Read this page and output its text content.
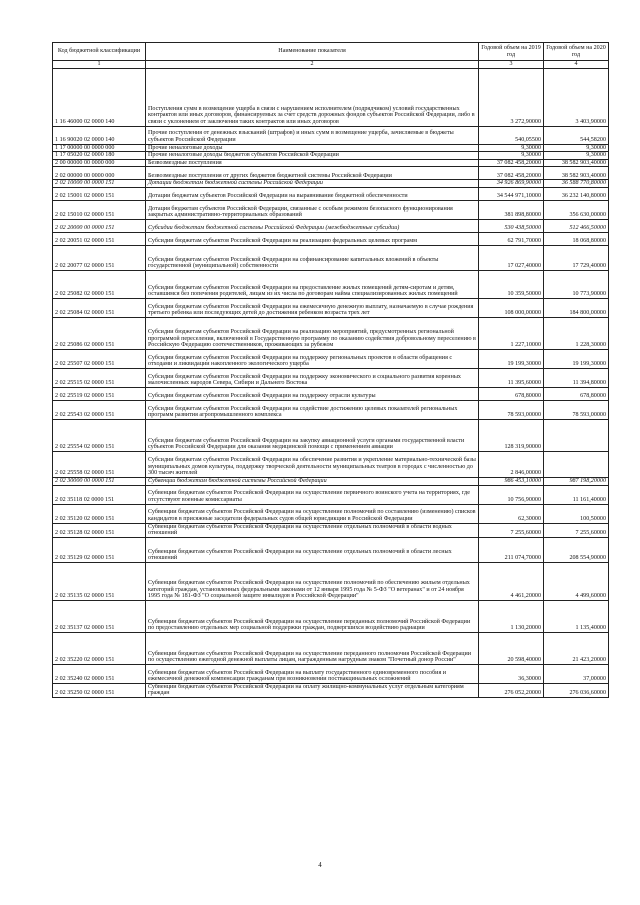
Код бюджетной классификации	Наименование показателя	Годовой объем на 2019 год	Годовой объем на 2020 год
1	2	3	4
1 16 46000 02 0000 140	Поступления сумм в возмещение ущерба в связи с нарушением исполнителем (подрядчиком) условий государственных контрактов или иных договоров, финансируемых за счет средств дорожных фондов субъектов Российской Федерации, либо в связи с уклонением от заключения таких контрактов или иных договоров	3 272,90000	3 403,90000
1 16 90020 02 0000 140	Прочие поступления от денежных взысканий (штрафов) и иных сумм в возмещение ущерба, зачисляемые в бюджеты субъектов Российской Федерации	540,05500	544,58200
1 17 00000 00 0000 000	Прочие неналоговые доходы	9,30000	9,30000
1 17 05020 02 0000 180	Прочие неналоговые доходы бюджетов субъектов Российской Федерации	9,30000	9,30000
2 00 00000 00 0000 000	Безвозмездные поступления	37 082 458,20000	38 582 903,40000
2 02 00000 00 0000 000	Безвозмездные поступления от других бюджетов бюджетной системы Российской Федерации	37 082 458,20000	38 582 903,40000
2 02 10000 00 0000 151	Дотации бюджетам бюджетной системы Российской Федерации	34 926 869,90000	36 588 770,80000
2 02 15001 02 0000 151	Дотации бюджетам субъектов Российской Федерации на выравнивание бюджетной обеспеченности	34 544 971,10000	36 232 140,80000
2 02 15010 02 0000 151	Дотация бюджетам субъектов Российской Федерации, связанные с особым режимом безопасного функционирования закрытых административно-территориальных образований	381 898,80000	356 630,00000
2 02 20000 00 0000 151	Субсидии бюджетам бюджетной системы Российской Федерации (межбюджетные субсидии)	530 438,50000	512 466,50000
2 02 20051 02 0000 151	Субсидии бюджетам субъектов Российской Федерации на реализацию федеральных целевых программ	62 791,70000	18 068,80000
2 02 20077 02 0000 151	Субсидии бюджетам субъектов Российской Федерации на софинансирование капитальных вложений в объекты государственной (муниципальной) собственности	17 027,40000	17 729,40000
2 02 25082 02 0000 151	Субсидии бюджетам субъектов Российской Федерации на предоставление жилых помещений детям-сиротам и детям, оставшимся без попечения родителей, лицам из их числа по договорам найма специализированных жилых помещений	10 359,50000	10 773,90000
2 02 25084 02 0000 151	Субсидии бюджетам субъектов Российской Федерации на ежемесячную денежную выплату, назначаемую в случае рождения третьего ребенка или последующих детей до достижения ребенком возраста трех лет	108 000,00000	184 800,00000
2 02 25086 02 0000 151	Субсидии бюджетам субъектов Российской Федерации на реализацию мероприятий, предусмотренных региональной программой переселения, включенной в Государственную программу по оказанию содействия добровольному переселению в Российскую Федерацию соотечественников, проживающих за рубежом	1 227,10000	1 228,30000
2 02 25507 02 0000 151	Субсидии бюджетам субъектов Российской Федерации на поддержку региональных проектов в области обращения с отходами и ликвидации накопленного экологического ущерба	19 199,30000	19 199,30000
2 02 25515 02 0000 151	Субсидии бюджетам субъектов Российской Федерации на поддержку экономического и социального развития коренных малочисленных народов Севера, Сибири и Дальнего Востока	11 395,60000	11 394,80000
2 02 25519 02 0000 151	Субсидии бюджетам субъектов Российской Федерации на поддержку отрасли культуры	678,80000	678,80000
2 02 25543 02 0000 151	Субсидии бюджетам субъектов Российской Федерации на содействие достижению целевых показателей региональных программ развития агропромышленного комплекса	78 593,00000	78 593,00000
2 02 25554 02 0000 151	Субсидии бюджетам субъектов Российской Федерации на закупку авиационной услуги органами государственной власти субъектов Российской Федерации для оказания медицинской помощи с применением авиации	128 319,90000	
2 02 25558 02 0000 151	Субсидии бюджетам субъектов Российской Федерации на обеспечение развития и укрепление материально-технической базы муниципальных домов культуры, поддержку творческой деятельности муниципальных театров в городах с численностью до 300 тысяч жителей	2 846,00000	
2 02 30000 00 0000 151	Субвенции бюджетам бюджетной системы Российской Федерации	986 453,10000	987 198,20000
2 02 35118 02 0000 151	Субвенции бюджетам субъектов Российской Федерации на осуществление первичного воинского учета на территориях, где отсутствуют военные комиссариаты	10 756,90000	11 161,40000
2 02 35120 02 0000 151	Субвенции бюджетам субъектов Российской Федерации на осуществление полномочий по составлению (изменению) списков кандидатов в присяжные заседатели федеральных судов общей юрисдикции в Российской Федерации	62,30000	100,50000
2 02 35128 02 0000 151	Субвенции бюджетам субъектов Российской Федерации на осуществление отдельных полномочий в области водных отношений	7 255,60000	7 255,60000
2 02 35129 02 0000 151	Субвенции бюджетам субъектов Российской Федерации на осуществление отдельных полномочий в области лесных отношений	211 074,70000	208 554,90000
2 02 35135 02 0000 151	Субвенции бюджетам субъектов Российской Федерации на осуществление полномочий по обеспечению жильем отдельных категорий граждан, установленных федеральными законами от 12 января 1995 года № 5-ФЗ "О ветеранах" и от 24 ноября 1995 года № 181-ФЗ "О социальной защите инвалидов в Российской Федерации"	4 461,20000	4 499,60000
2 02 35137 02 0000 151	Субвенции бюджетам субъектов Российской Федерации на осуществление переданных полномочий Российской Федерации по предоставлению отдельных мер социальной поддержки граждан, подвергшихся воздействию радиации	1 130,20000	1 135,40000
2 02 35220 02 0000 151	Субвенции бюджетам субъектов Российской Федерации на осуществление переданного полномочия Российской Федерации по осуществлению ежегодной денежной выплаты лицам, награжденным нагрудным знаком "Почетный донор России"	20 598,40000	21 423,20000
2 02 35240 02 0000 151	Субвенции бюджетам субъектов Российской Федерации на выплату государственного единовременного пособия и ежемесячной денежной компенсации гражданам при возникновении поствакцинальных осложнений	36,30000	37,00000
2 02 35250 02 0000 151	Субвенции бюджетам субъектов Российской Федерации на оплату жилищно-коммунальных услуг отдельным категориям граждан	276 052,20000	276 036,60000
4
